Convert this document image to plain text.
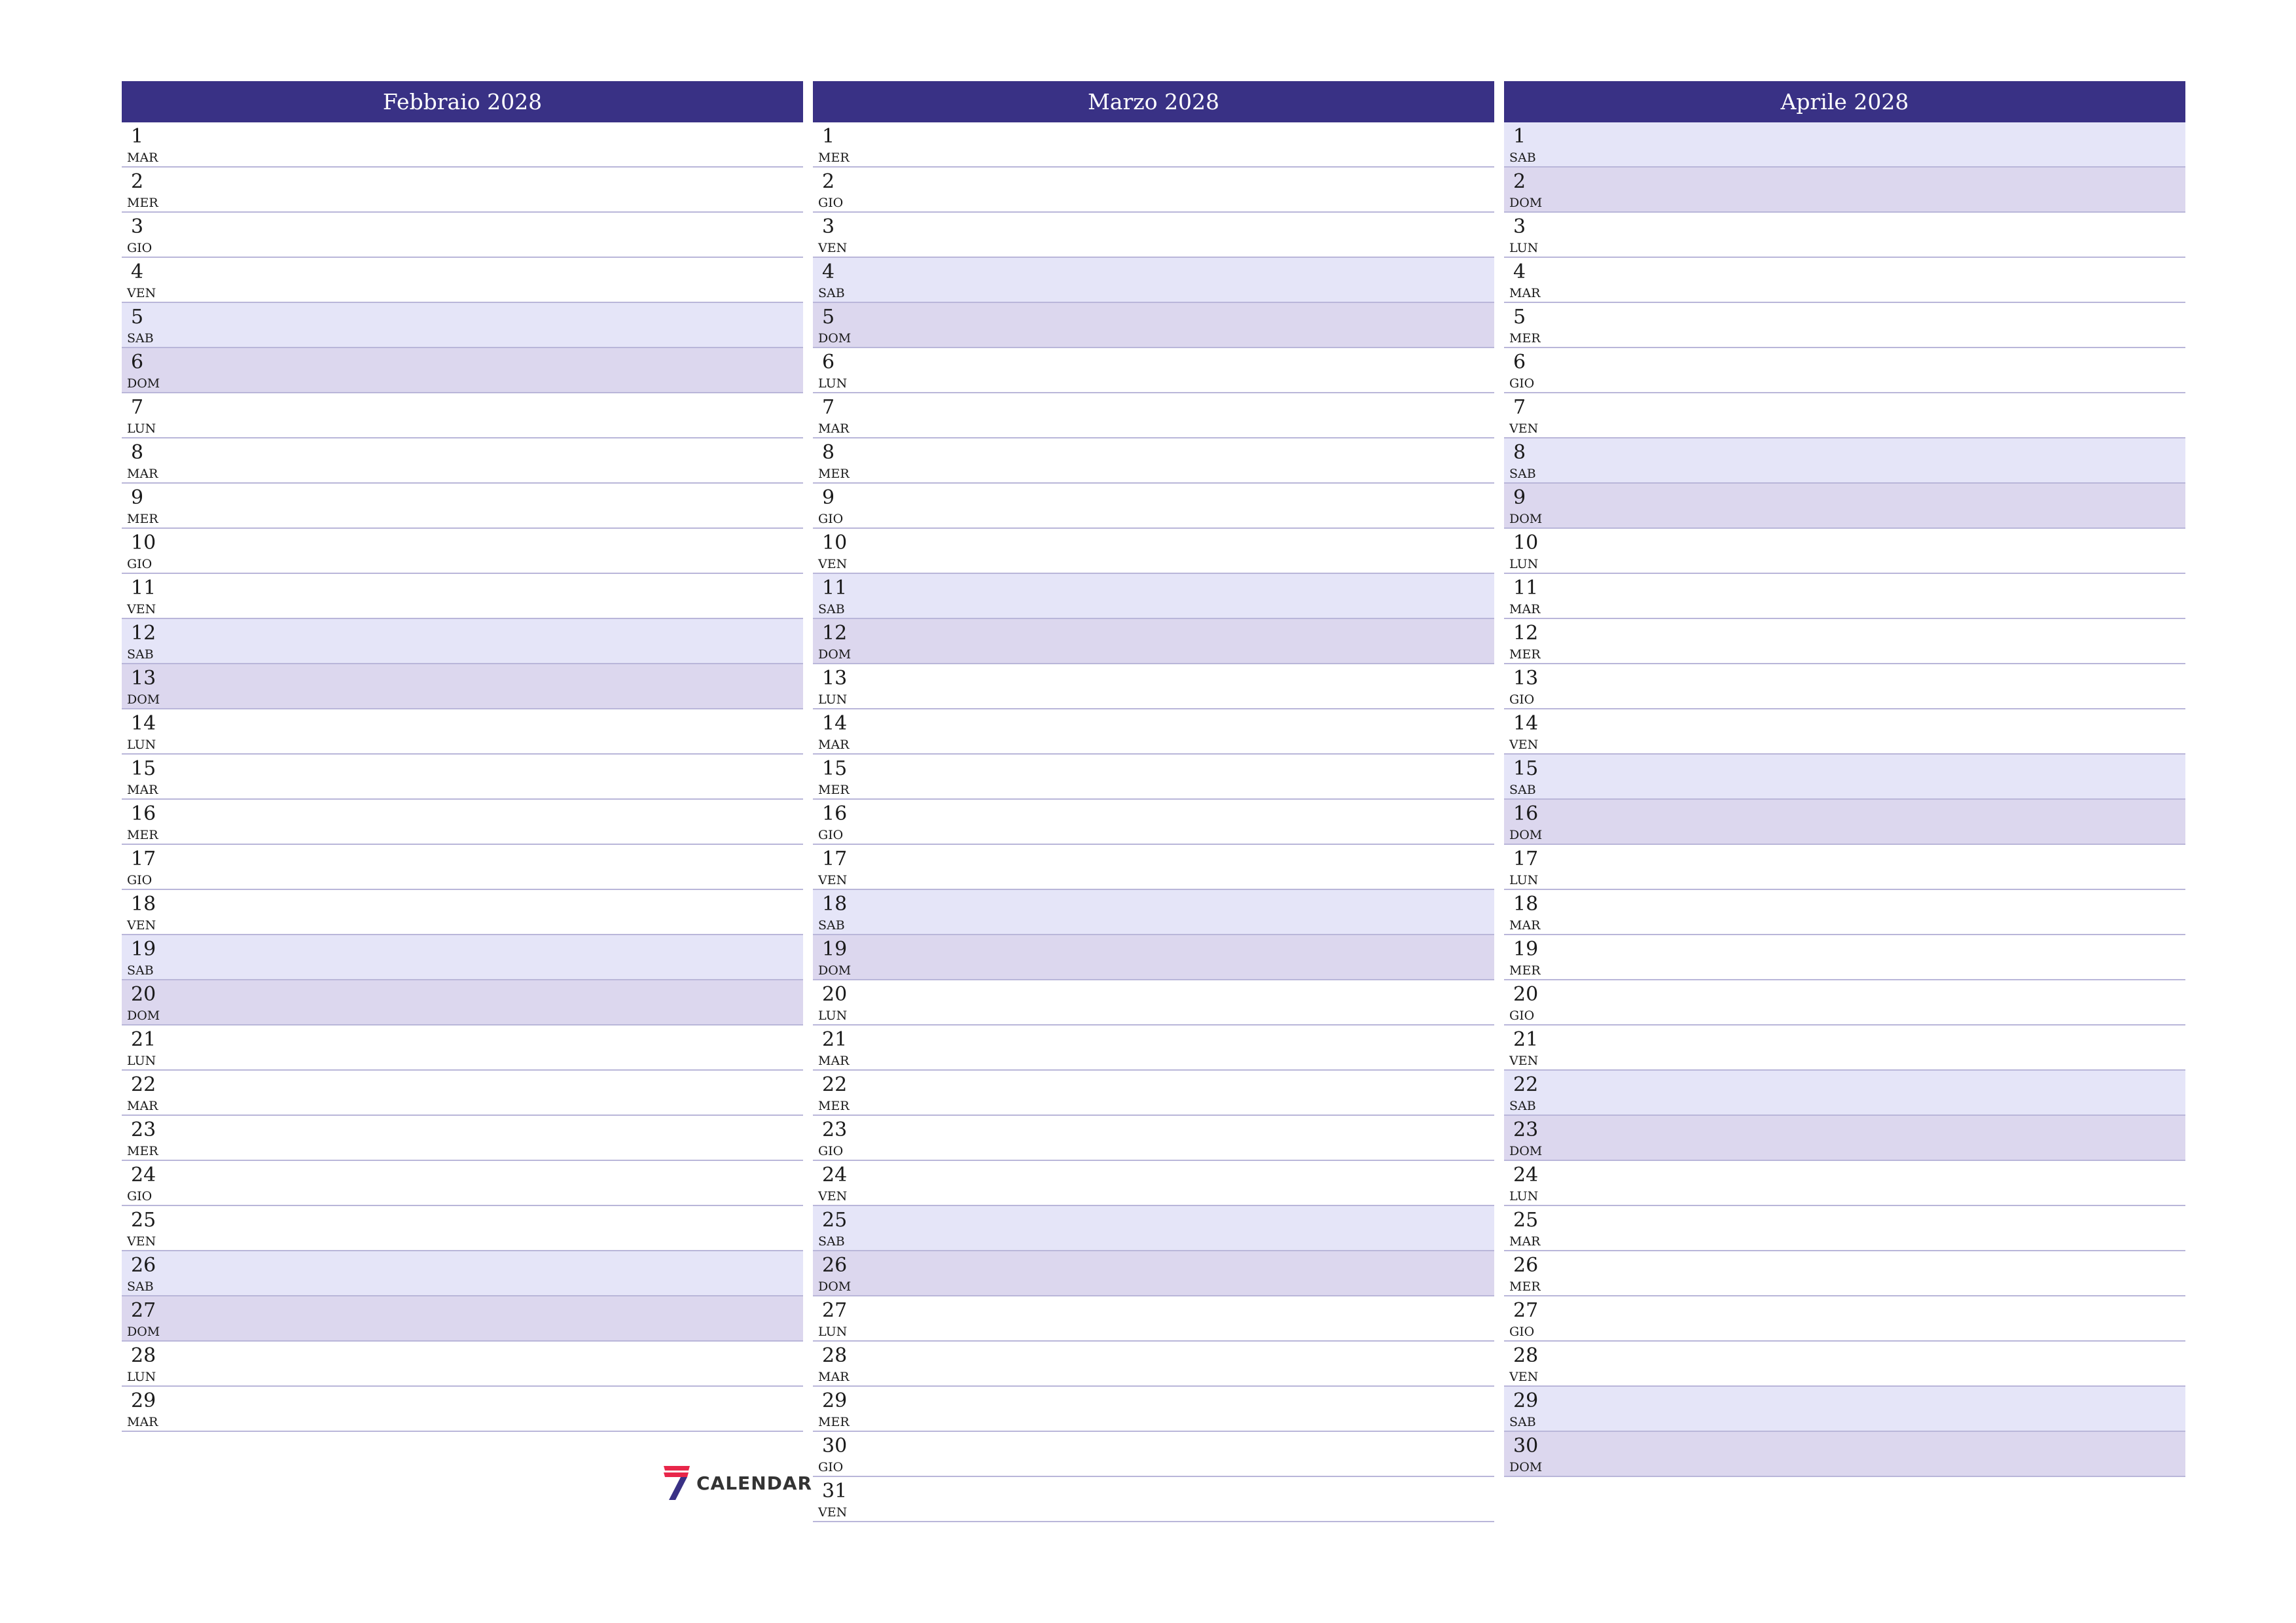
Febbraio 2028
1
MAR
2
MER
3
GIO
4
VEN
5
SAB
6
DOM
7
LUN
8
MAR
9
MER
10
GIO
11
VEN
12
SAB
13
DOM
14
LUN
15
MAR
16
MER
17
GIO
18
VEN
19
SAB
20
DOM
21
LUN
22
MAR
23
MER
24
GIO
25
VEN
26
SAB
27
DOM
28
LUN
29
MAR
Marzo 2028
1
MER
2
GIO
3
VEN
4
SAB
5
DOM
6
LUN
7
MAR
8
MER
9
GIO
10
VEN
11
SAB
12
DOM
13
LUN
14
MAR
15
MER
16
GIO
17
VEN
18
SAB
19
DOM
20
LUN
21
MAR
22
MER
23
GIO
24
VEN
25
SAB
26
DOM
27
LUN
28
MAR
29
MER
30
GIO
31
VEN
Aprile 2028
1
SAB
2
DOM
3
LUN
4
MAR
5
MER
6
GIO
7
VEN
8
SAB
9
DOM
10
LUN
11
MAR
12
MER
13
GIO
14
VEN
15
SAB
16
DOM
17
LUN
18
MAR
19
MER
20
GIO
21
VEN
22
SAB
23
DOM
24
LUN
25
MAR
26
MER
27
GIO
28
VEN
29
SAB
30
DOM
CALENDAR
